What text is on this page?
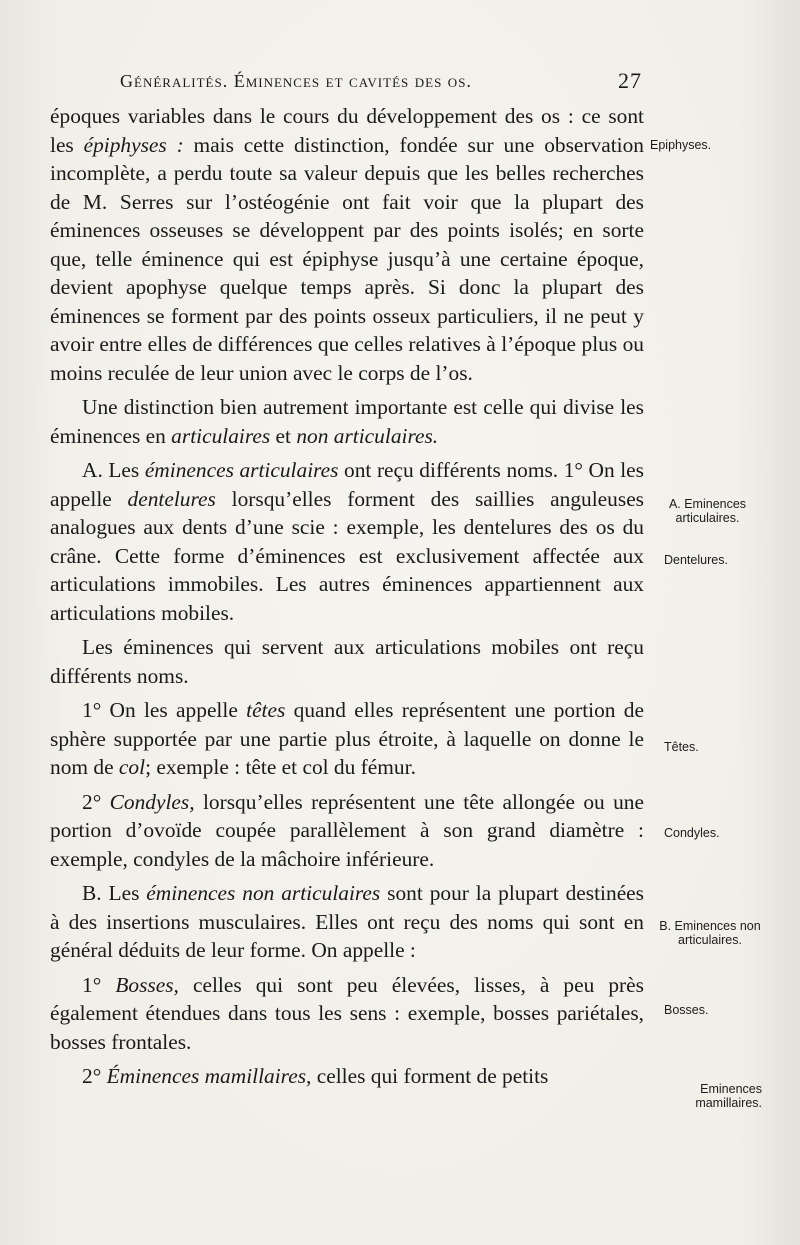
Généralités. Éminences et cavités des os.	27

époques variables dans le cours du développement des os : ce sont les épiphyses : mais cette distinction, fondée sur une observation incomplète, a perdu toute sa valeur depuis que les belles recherches de M. Serres sur l’ostéogénie ont fait voir que la plupart des éminences osseuses se développent par des points isolés; en sorte que, telle éminence qui est épiphyse jusqu’à une certaine époque, devient apophyse quelque temps après. Si donc la plupart des éminences se forment par des points osseux particuliers, il ne peut y avoir entre elles de différences que celles relatives à l’époque plus ou moins reculée de leur union avec le corps de l’os.

Une distinction bien autrement importante est celle qui divise les éminences en articulaires et non articulaires.

A. Les éminences articulaires ont reçu différents noms. 1° On les appelle dentelures lorsqu’elles forment des saillies anguleuses analogues aux dents d’une scie : exemple, les dentelures des os du crâne. Cette forme d’éminences est exclusivement affectée aux articulations immobiles. Les autres éminences appartiennent aux articulations mobiles.

Les éminences qui servent aux articulations mobiles ont reçu différents noms.

1° On les appelle têtes quand elles représentent une portion de sphère supportée par une partie plus étroite, à laquelle on donne le nom de col; exemple : tête et col du fémur.

2° Condyles, lorsqu’elles représentent une tête allongée ou une portion d’ovoïde coupée parallèlement à son grand diamètre : exemple, condyles de la mâchoire inférieure.

B. Les éminences non articulaires sont pour la plupart destinées à des insertions musculaires. Elles ont reçu des noms qui sont en général déduits de leur forme. On appelle :

1° Bosses, celles qui sont peu élevées, lisses, à peu près également étendues dans tous les sens : exemple, bosses pariétales, bosses frontales.

2° Éminences mamillaires, celles qui forment de petits

Epiphyses.
A. Eminences articulaires.
Dentelures.
Têtes.
Condyles.
B. Eminences non articulaires.
Bosses.
Eminences mamillaires.
